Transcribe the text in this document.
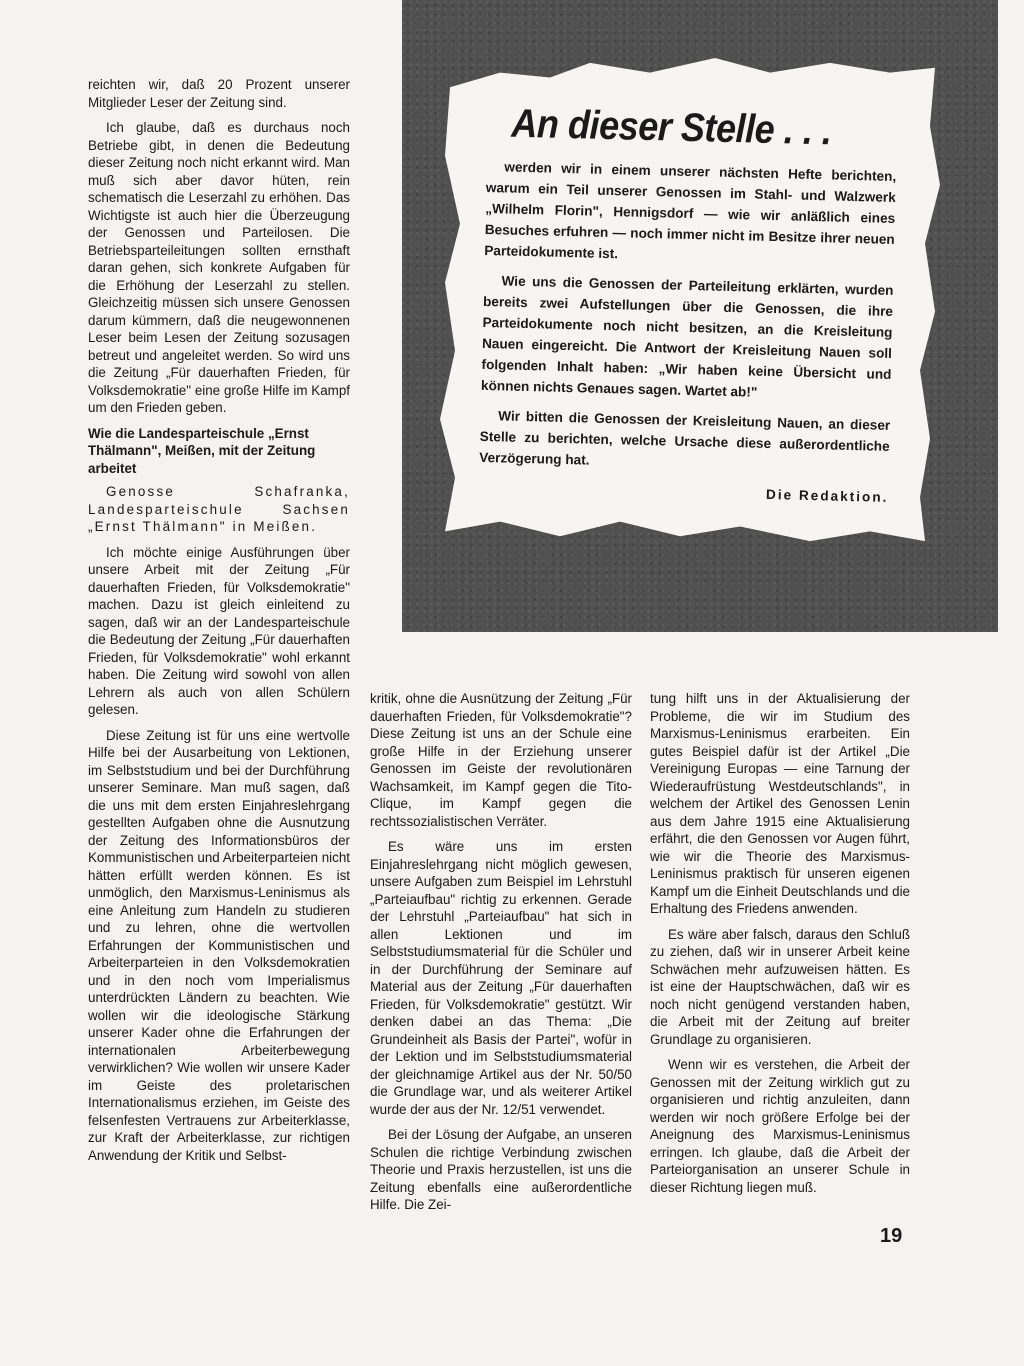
reichten wir, daß 20 Prozent unserer Mitglieder Leser der Zeitung sind.

Ich glaube, daß es durchaus noch Betriebe gibt, in denen die Bedeutung dieser Zeitung noch nicht erkannt wird. Man muß sich aber davor hüten, rein schematisch die Leserzahl zu erhöhen. Das Wichtigste ist auch hier die Überzeugung der Genossen und Parteilosen. Die Betriebsparteileitungen sollten ernsthaft daran gehen, sich konkrete Aufgaben für die Erhöhung der Leserzahl zu stellen. Gleichzeitig müssen sich unsere Genossen darum kümmern, daß die neugewonnenen Leser beim Lesen der Zeitung sozusagen betreut und angeleitet werden. So wird uns die Zeitung „Für dauerhaften Frieden, für Volksdemokratie" eine große Hilfe im Kampf um den Frieden geben.

Wie die Landesparteischule „Ernst Thälmann", Meißen, mit der Zeitung arbeitet

Genosse Schafranka, Landesparteischule Sachsen „Ernst Thälmann" in Meißen.

Ich möchte einige Ausführungen über unsere Arbeit mit der Zeitung „Für dauerhaften Frieden, für Volksdemokratie" machen. Dazu ist gleich einleitend zu sagen, daß wir an der Landesparteischule die Bedeutung der Zeitung „Für dauerhaften Frieden, für Volksdemokratie" wohl erkannt haben. Die Zeitung wird sowohl von allen Lehrern als auch von allen Schülern gelesen.

Diese Zeitung ist für uns eine wertvolle Hilfe bei der Ausarbeitung von Lektionen, im Selbststudium und bei der Durchführung unserer Seminare. Man muß sagen, daß die uns mit dem ersten Einjahreslehrgang gestellten Aufgaben ohne die Ausnutzung der Zeitung des Informationsbüros der Kommunistischen und Arbeiterparteien nicht hätten erfüllt werden können. Es ist unmöglich, den Marxismus-Leninismus als eine Anleitung zum Handeln zu studieren und zu lehren, ohne die wertvollen Erfahrungen der Kommunistischen und Arbeiterparteien in den Volksdemokratien und in den noch vom Imperialismus unterdrückten Ländern zu beachten. Wie wollen wir die ideologische Stärkung unserer Kader ohne die Erfahrungen der internationalen Arbeiterbewegung verwirklichen? Wie wollen wir unsere Kader im Geiste des proletarischen Internationalismus erziehen, im Geiste des felsenfesten Vertrauens zur Arbeiterklasse, zur Kraft der Arbeiterklasse, zur richtigen Anwendung der Kritik und Selbst-

An dieser Stelle . . .

werden wir in einem unserer nächsten Hefte berichten, warum ein Teil unserer Genossen im Stahl- und Walzwerk „Wilhelm Florin", Hennigsdorf — wie wir anläßlich eines Besuches erfuhren — noch immer nicht im Besitze ihrer neuen Parteidokumente ist.

Wie uns die Genossen der Parteileitung erklärten, wurden bereits zwei Aufstellungen über die Genossen, die ihre Parteidokumente noch nicht besitzen, an die Kreisleitung Nauen eingereicht. Die Antwort der Kreisleitung Nauen soll folgenden Inhalt haben: „Wir haben keine Übersicht und können nichts Genaues sagen. Wartet ab!"

Wir bitten die Genossen der Kreisleitung Nauen, an dieser Stelle zu berichten, welche Ursache diese außerordentliche Verzögerung hat.

Die Redaktion.

kritik, ohne die Ausnützung der Zeitung „Für dauerhaften Frieden, für Volksdemokratie"? Diese Zeitung ist uns an der Schule eine große Hilfe in der Erziehung unserer Genossen im Geiste der revolutionären Wachsamkeit, im Kampf gegen die Tito-Clique, im Kampf gegen die rechtssozialistischen Verräter.

Es wäre uns im ersten Einjahreslehrgang nicht möglich gewesen, unsere Aufgaben zum Beispiel im Lehrstuhl „Parteiaufbau" richtig zu erkennen. Gerade der Lehrstuhl „Parteiaufbau" hat sich in allen Lektionen und im Selbststudiumsmaterial für die Schüler und in der Durchführung der Seminare auf Material aus der Zeitung „Für dauerhaften Frieden, für Volksdemokratie" gestützt. Wir denken dabei an das Thema: „Die Grundeinheit als Basis der Partei", wofür in der Lektion und im Selbststudiumsmaterial der gleichnamige Artikel aus der Nr. 50/50 die Grundlage war, und als weiterer Artikel wurde der aus der Nr. 12/51 verwendet.

Bei der Lösung der Aufgabe, an unseren Schulen die richtige Verbindung zwischen Theorie und Praxis herzustellen, ist uns die Zeitung ebenfalls eine außerordentliche Hilfe. Die Zei-

tung hilft uns in der Aktualisierung der Probleme, die wir im Studium des Marxismus-Leninismus erarbeiten. Ein gutes Beispiel dafür ist der Artikel „Die Vereinigung Europas — eine Tarnung der Wiederaufrüstung Westdeutschlands", in welchem der Artikel des Genossen Lenin aus dem Jahre 1915 eine Aktualisierung erfährt, die den Genossen vor Augen führt, wie wir die Theorie des Marxismus-Leninismus praktisch für unseren eigenen Kampf um die Einheit Deutschlands und die Erhaltung des Friedens anwenden.

Es wäre aber falsch, daraus den Schluß zu ziehen, daß wir in unserer Arbeit keine Schwächen mehr aufzuweisen hätten. Es ist eine der Hauptschwächen, daß wir es noch nicht genügend verstanden haben, die Arbeit mit der Zeitung auf breiter Grundlage zu organisieren.

Wenn wir es verstehen, die Arbeit der Genossen mit der Zeitung wirklich gut zu organisieren und richtig anzuleiten, dann werden wir noch größere Erfolge bei der Aneignung des Marxismus-Leninismus erringen. Ich glaube, daß die Arbeit der Parteiorganisation an unserer Schule in dieser Richtung liegen muß.

19
